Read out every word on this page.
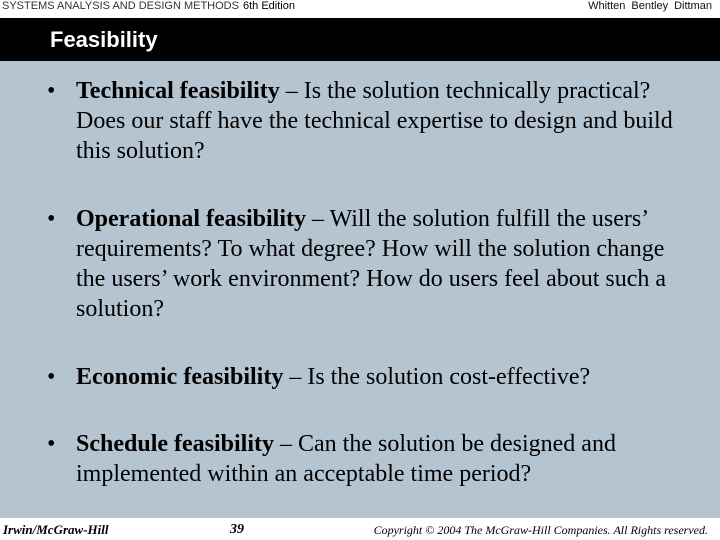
SYSTEMS ANALYSIS AND DESIGN METHODS 6th Edition	Whitten Bentley Dittman
Feasibility
• Technical feasibility – Is the solution technically practical? Does our staff have the technical expertise to design and build this solution?
• Operational feasibility – Will the solution fulfill the users’ requirements? To what degree? How will the solution change the users’ work environment? How do users feel about such a solution?
• Economic feasibility – Is the solution cost-effective?
• Schedule feasibility – Can the solution be designed and implemented within an acceptable time period?
Irwin/McGraw-Hill	39	Copyright © 2004 The McGraw-Hill Companies. All Rights reserved.
